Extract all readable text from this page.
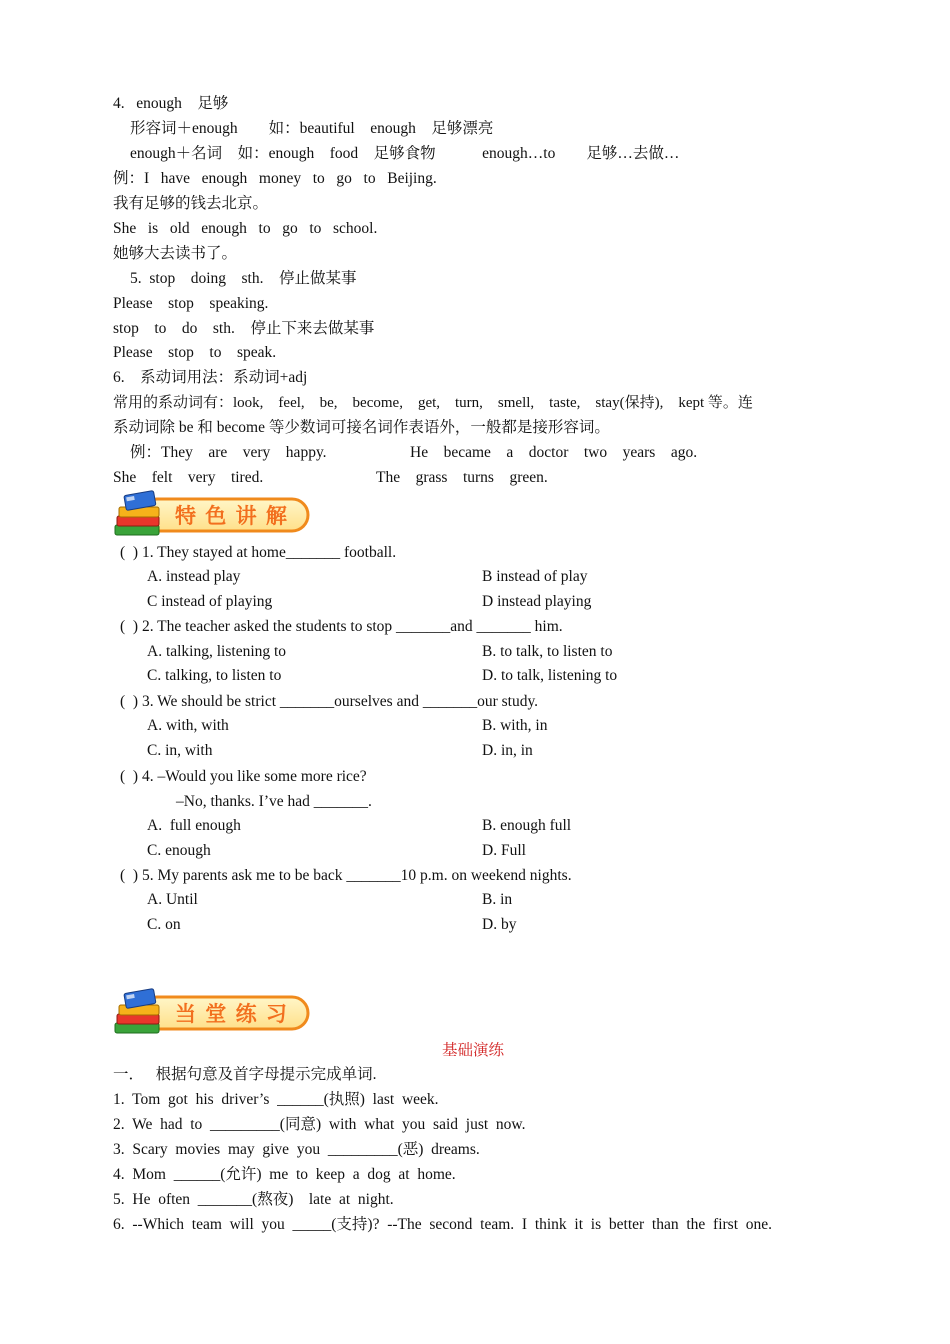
4.   enough    足够
形容词＋enough        如：beautiful    enough    足够漂亮
enough＋名词    如：enough    food    足够食物            enough…to        足够…去做…
例：I   have   enough   money   to   go   to   Beijing.
我有足够的钱去北京。
She   is   old   enough   to   go   to   school.
她够大去读书了。
5.  stop    doing    sth.    停止做某事
Please    stop    speaking.
stop    to    do    sth.    停止下来去做某事
Please    stop    to    speak.
6.    系动词用法：系动词+adj
常用的系动词有：look,    feel,    be,    become,    get,    turn,    smell,    taste,    stay(保持),    kept 等。连
系动词除 be 和 become 等少数词可接名词作表语外，一般都是接形容词。
例：They    are    very    happy.	He    became    a    doctor    two    years    ago.
She    felt    very    tired.	The    grass    turns    green.
特 色 讲 解
(  ) 1. They stayed at home_______ football.
A. instead play	B instead of play
C instead of playing	D instead playing
(  ) 2. The teacher asked the students to stop _______and _______ him.
A. talking, listening to	B. to talk, to listen to
C. talking, to listen to	D. to talk, listening to
(  ) 3. We should be strict _______ourselves and _______our study.
A. with, with	B. with, in
C. in, with	D. in, in
(  ) 4. –Would you like some more rice?
–No, thanks. I’ve had _______.
A.  full enough	B. enough full
C. enough	D. Full
(  ) 5. My parents ask me to be back _______10 p.m. on weekend nights.
A. Until	B. in
C. on	D. by
当 堂 练 习
基础演练
一．   根据句意及首字母提示完成单词.
1.  Tom  got  his  driver’s  ______(执照)  last  week.
2.  We  had  to  _________(同意)  with  what  you  said  just  now.
3.  Scary  movies  may  give  you  _________(恶)  dreams.
4.  Mom  ______(允许)  me  to  keep  a  dog  at  home.
5.  He  often  _______(熬夜)    late  at  night.
6.  --Which  team  will  you  _____(支持)?  --The  second  team.  I  think  it  is  better  than  the  first  one.
